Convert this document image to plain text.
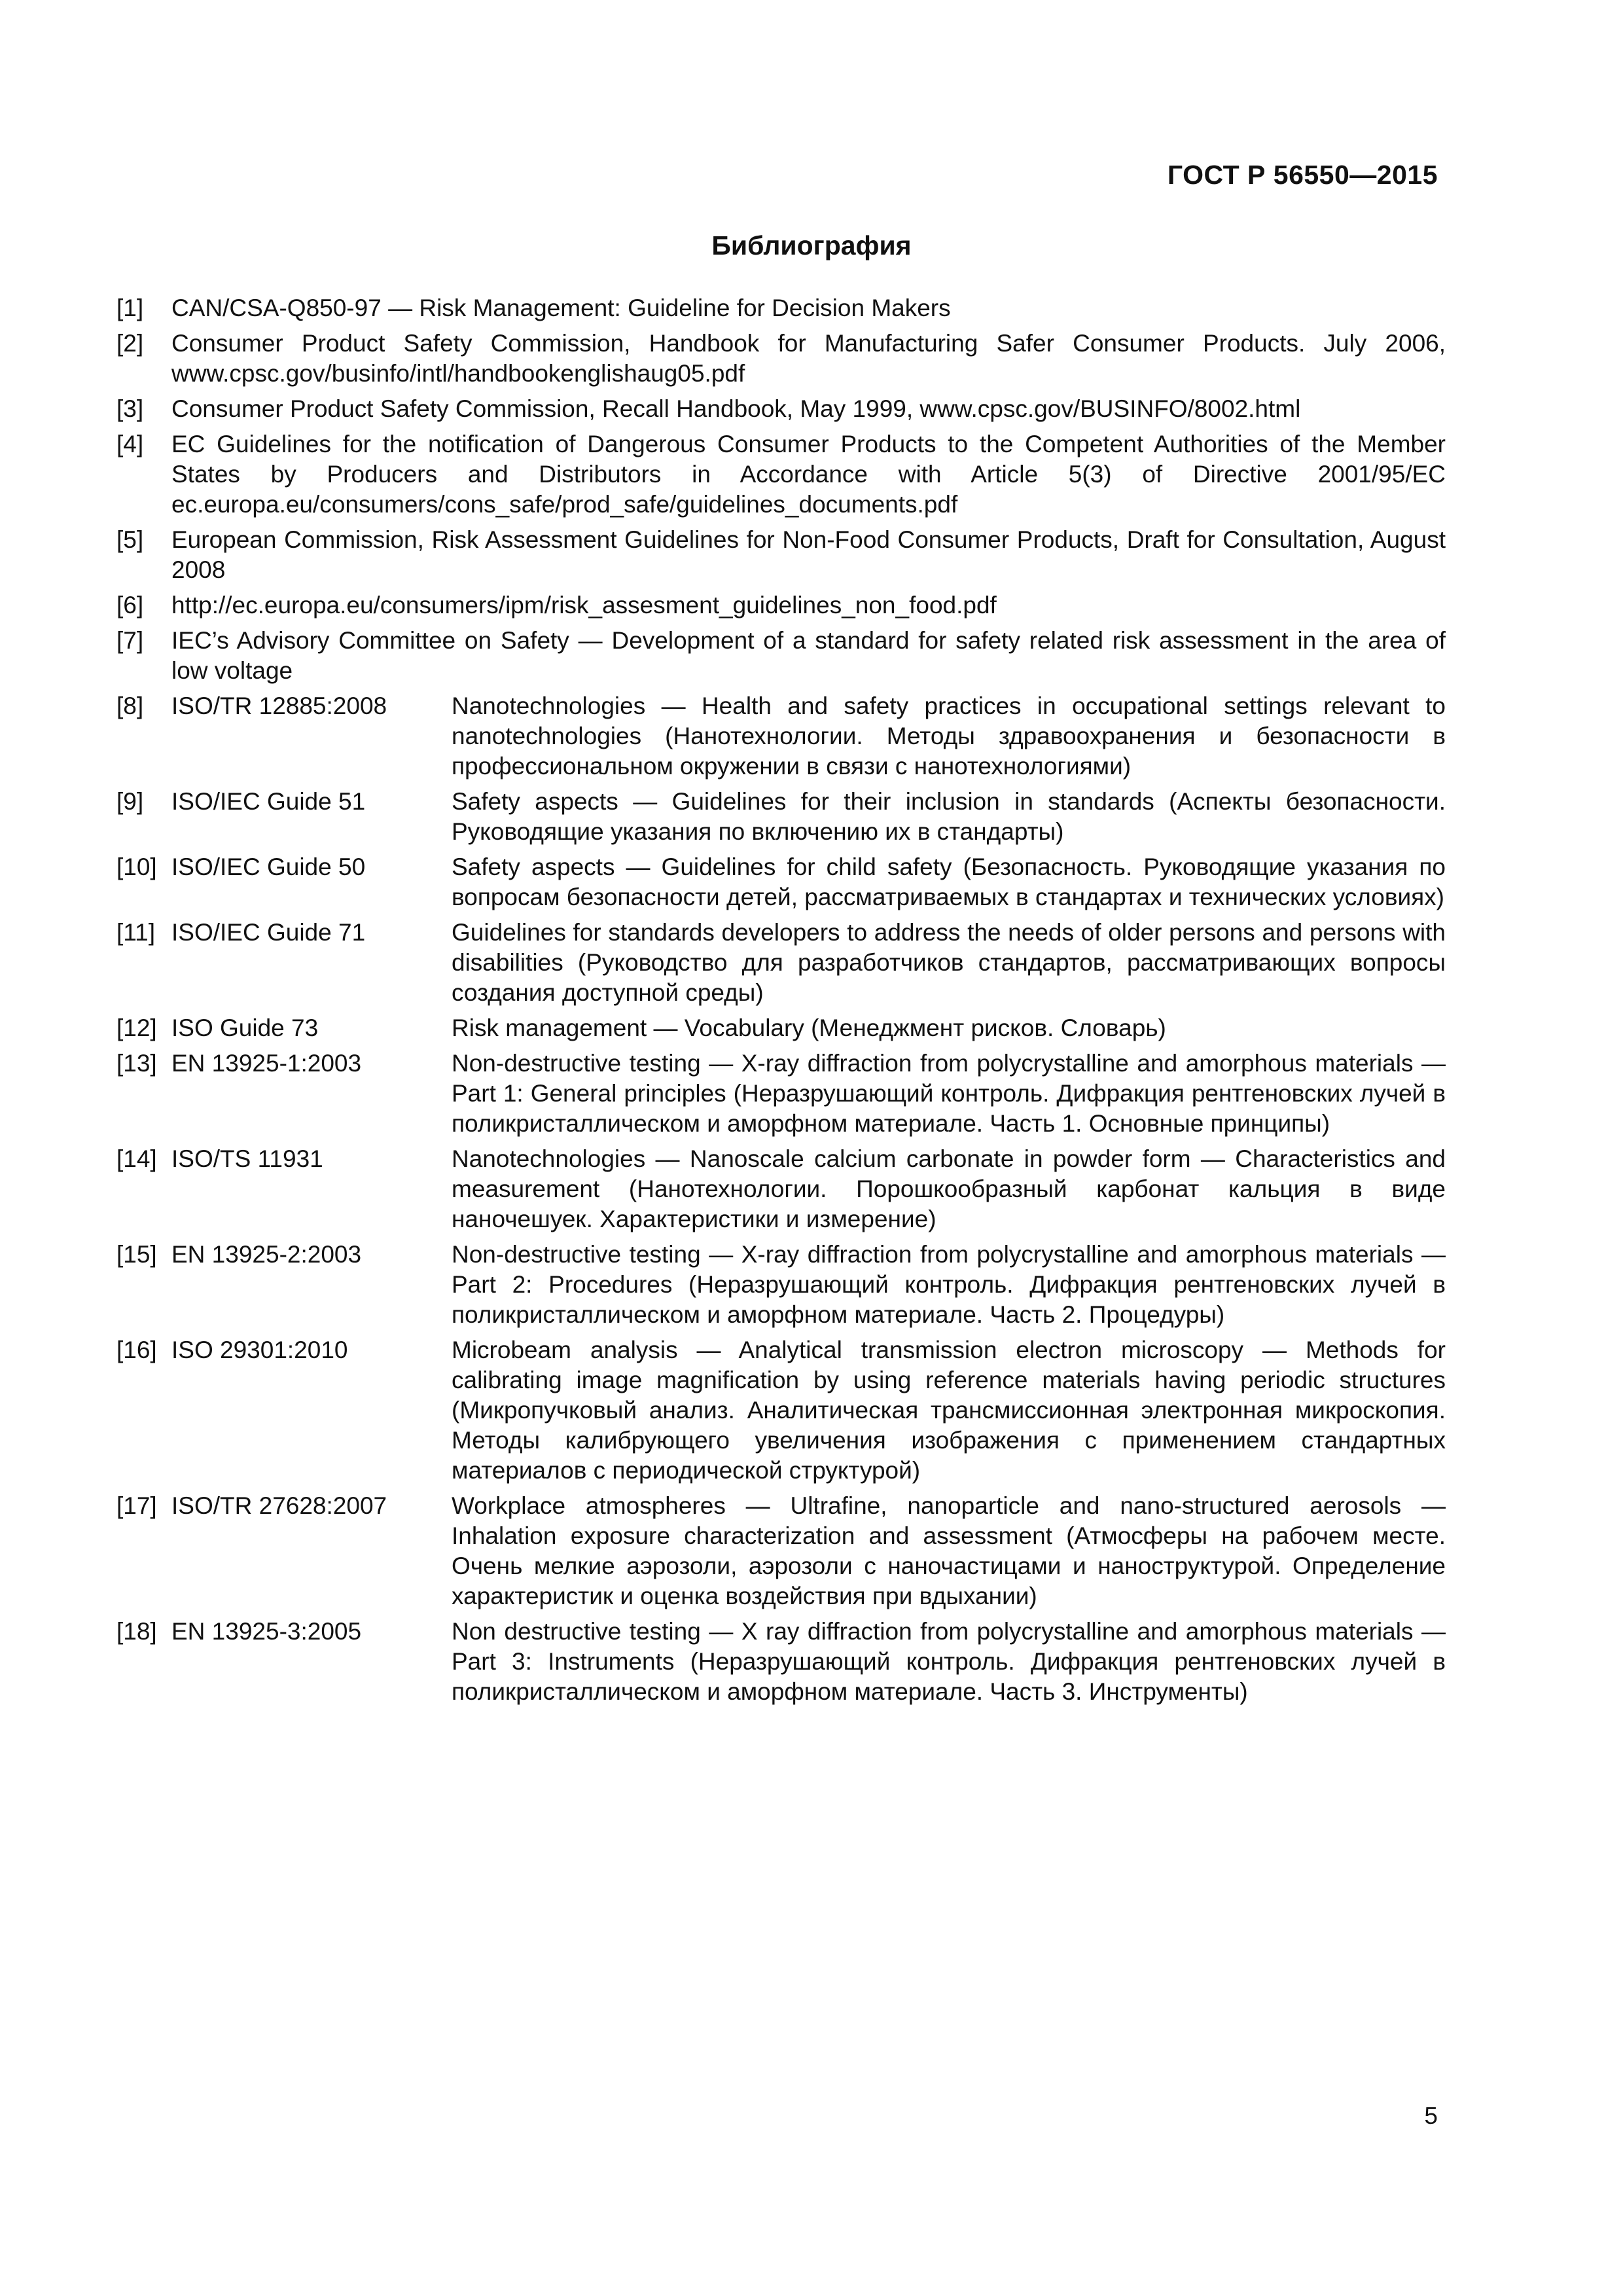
ГОСТ Р 56550—2015
Библиография
[1]	CAN/CSA-Q850-97 — Risk Management: Guideline for Decision Makers
[2]	Consumer Product Safety Commission, Handbook for Manufacturing Safer Consumer Products. July 2006, www.cpsc.gov/businfo/intl/handbookenglishaug05.pdf
[3]	Consumer Product Safety Commission, Recall Handbook, May 1999, www.cpsc.gov/BUSINFO/8002.html
[4]	EC Guidelines for the notification of Dangerous Consumer Products to the Competent Authorities of the Member States by Producers and Distributors in Accordance with Article 5(3) of Directive 2001/95/EC ec.europa.eu/consumers/cons_safe/prod_safe/guidelines_documents.pdf
[5]	European Commission, Risk Assessment Guidelines for Non-Food Consumer Products, Draft for Consultation, August 2008
[6]	http://ec.europa.eu/consumers/ipm/risk_assesment_guidelines_non_food.pdf
[7]	IEC’s Advisory Committee on Safety — Development of a standard for safety related risk assessment in the area of low voltage
[8]	ISO/TR 12885:2008	Nanotechnologies — Health and safety practices in occupational settings relevant to nanotechnologies (Нанотехнологии. Методы здравоохранения и безопасности в профессиональном окружении в связи с нанотехнологиями)
[9]	ISO/IEC Guide 51	Safety aspects — Guidelines for their inclusion in standards (Аспекты безопасности. Руководящие указания по включению их в стандарты)
[10] ISO/IEC Guide 50	Safety aspects — Guidelines for child safety (Безопасность. Руководящие указания по вопросам безопасности детей, рассматриваемых в стандартах и технических условиях)
[11] ISO/IEC Guide 71	Guidelines for standards developers to address the needs of older persons and persons with disabilities (Руководство для разработчиков стандартов, рассматривающих вопросы создания доступной среды)
[12] ISO Guide 73	Risk management — Vocabulary (Менеджмент рисков. Словарь)
[13] EN 13925-1:2003	Non-destructive testing — X-ray diffraction from polycrystalline and amorphous materials — Part 1: General principles (Неразрушающий контроль. Дифракция рентгеновских лучей в поликристаллическом и аморфном материале. Часть 1. Основные принципы)
[14] ISO/TS 11931	Nanotechnologies — Nanoscale calcium carbonate in powder form — Characteristics and measurement (Нанотехнологии. Порошкообразный карбонат кальция в виде наночешуек. Характеристики и измерение)
[15] EN 13925-2:2003	Non-destructive testing — X-ray diffraction from polycrystalline and amorphous materials — Part 2: Procedures (Неразрушающий контроль. Дифракция рентгеновских лучей в поликристаллическом и аморфном материале. Часть 2. Процедуры)
[16] ISO 29301:2010	Microbeam analysis — Analytical transmission electron microscopy — Methods for calibrating image magnification by using reference materials having periodic structures (Микропучковый анализ. Аналитическая трансмиссионная электронная микроскопия. Методы калибрующего увеличения изображения с применением стандартных материалов с периодической структурой)
[17] ISO/TR 27628:2007	Workplace atmospheres — Ultrafine, nanoparticle and nano-structured aerosols — Inhalation exposure characterization and assessment (Атмосферы на рабочем месте. Очень мелкие аэрозоли, аэрозоли с наночастицами и наноструктурой. Определение характеристик и оценка воздействия при вдыхании)
[18] EN 13925-3:2005	Non destructive testing — X ray diffraction from polycrystalline and amorphous materials — Part 3: Instruments (Неразрушающий контроль. Дифракция рентгеновских лучей в поликристаллическом и аморфном материале. Часть 3. Инструменты)
5
